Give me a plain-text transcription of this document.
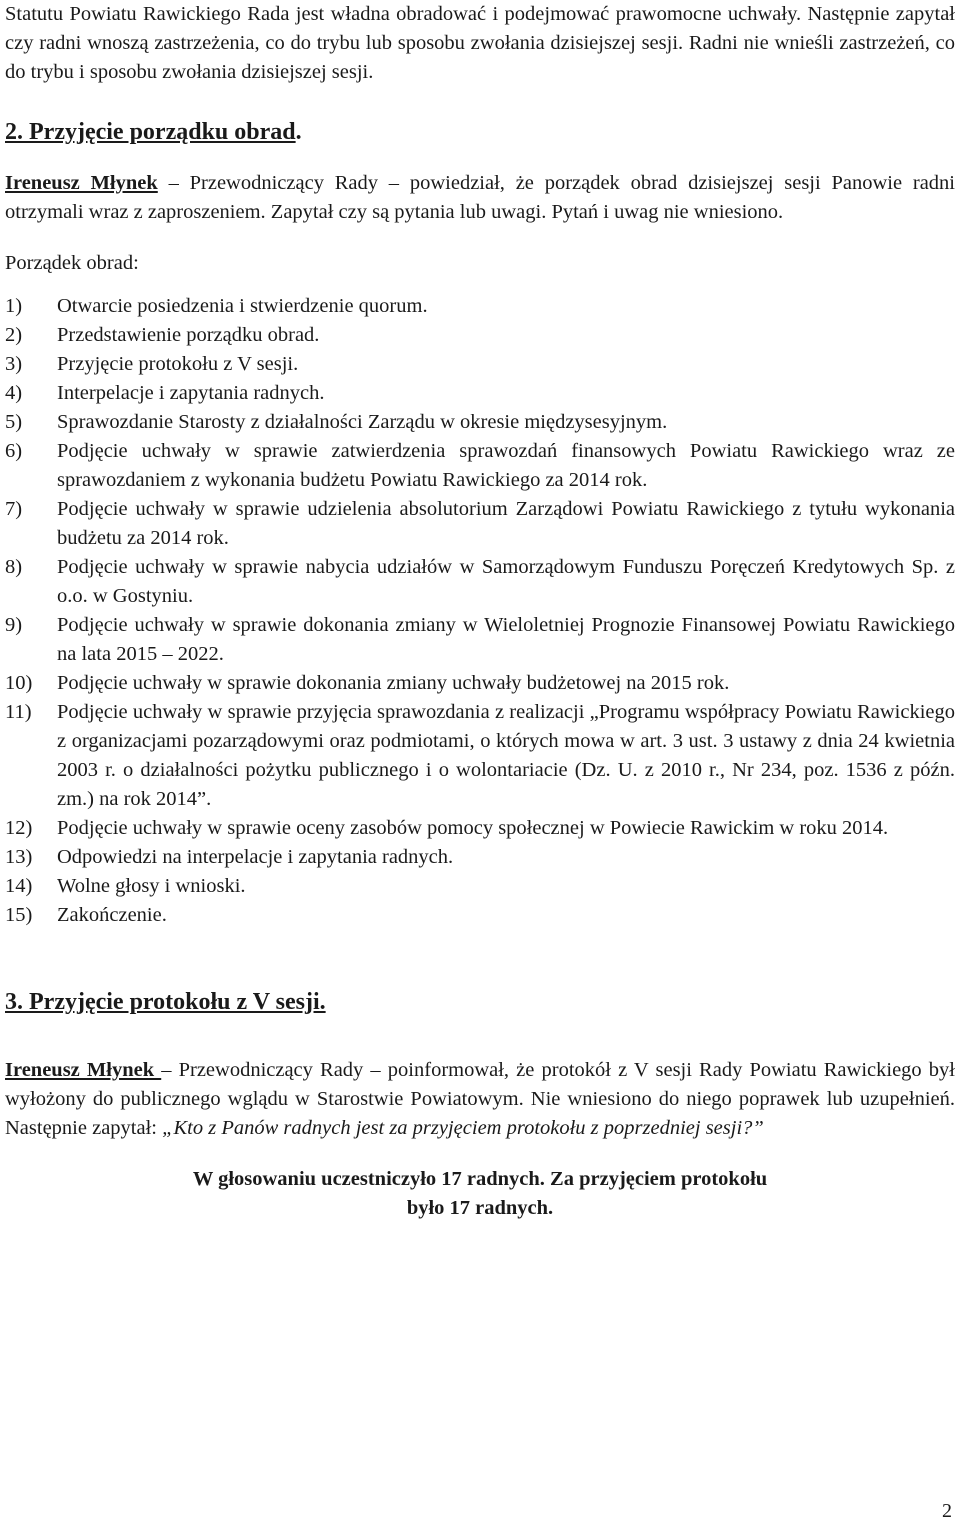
Statutu Powiatu Rawickiego Rada jest władna obradować i podejmować prawomocne uchwały. Następnie zapytał czy radni wnoszą zastrzeżenia, co do trybu lub sposobu zwołania dzisiejszej sesji. Radni nie wnieśli zastrzeżeń, co do trybu i sposobu zwołania dzisiejszej sesji.

2. Przyjęcie porządku obrad.

Ireneusz Młynek – Przewodniczący Rady – powiedział, że porządek obrad dzisiejszej sesji Panowie radni otrzymali wraz z zaproszeniem. Zapytał czy są pytania lub uwagi. Pytań i uwag nie wniesiono.

Porządek obrad:

1)	Otwarcie posiedzenia i stwierdzenie quorum.
2)	Przedstawienie porządku obrad.
3)	Przyjęcie protokołu z V sesji.
4)	Interpelacje i zapytania radnych.
5)	Sprawozdanie Starosty z działalności Zarządu w okresie międzysesyjnym.
6)	Podjęcie uchwały w sprawie zatwierdzenia sprawozdań finansowych Powiatu Rawickiego wraz ze sprawozdaniem z wykonania budżetu Powiatu Rawickiego za 2014 rok.
7)	Podjęcie uchwały w sprawie udzielenia absolutorium Zarządowi Powiatu Rawickiego z tytułu wykonania budżetu za 2014 rok.
8)	Podjęcie uchwały w sprawie nabycia udziałów w Samorządowym Funduszu Poręczeń Kredytowych Sp. z o.o. w Gostyniu.
9)	Podjęcie uchwały w sprawie dokonania zmiany w Wieloletniej Prognozie Finansowej Powiatu Rawickiego na lata 2015 – 2022.
10)	Podjęcie uchwały w sprawie dokonania zmiany uchwały budżetowej na 2015 rok.
11)	Podjęcie uchwały w sprawie przyjęcia sprawozdania z realizacji „Programu współpracy Powiatu Rawickiego z organizacjami pozarządowymi oraz podmiotami, o których mowa w art. 3 ust. 3 ustawy z dnia 24 kwietnia 2003 r. o działalności pożytku publicznego i o wolontariacie (Dz. U. z 2010 r., Nr 234, poz. 1536 z późn. zm.) na rok 2014”.
12)	Podjęcie uchwały w sprawie oceny zasobów pomocy społecznej w Powiecie Rawickim w roku 2014.
13)	Odpowiedzi na interpelacje i zapytania radnych.
14)	Wolne głosy i wnioski.
15)	Zakończenie.

3. Przyjęcie protokołu z V sesji.

Ireneusz Młynek – Przewodniczący Rady – poinformował, że protokół z V sesji Rady Powiatu Rawickiego był wyłożony do publicznego wglądu w Starostwie Powiatowym. Nie wniesiono do niego poprawek lub uzupełnień. Następnie zapytał: „Kto z Panów radnych jest za przyjęciem protokołu z poprzedniej sesji?”

W głosowaniu uczestniczyło 17 radnych. Za przyjęciem protokołu
było 17 radnych.
2
